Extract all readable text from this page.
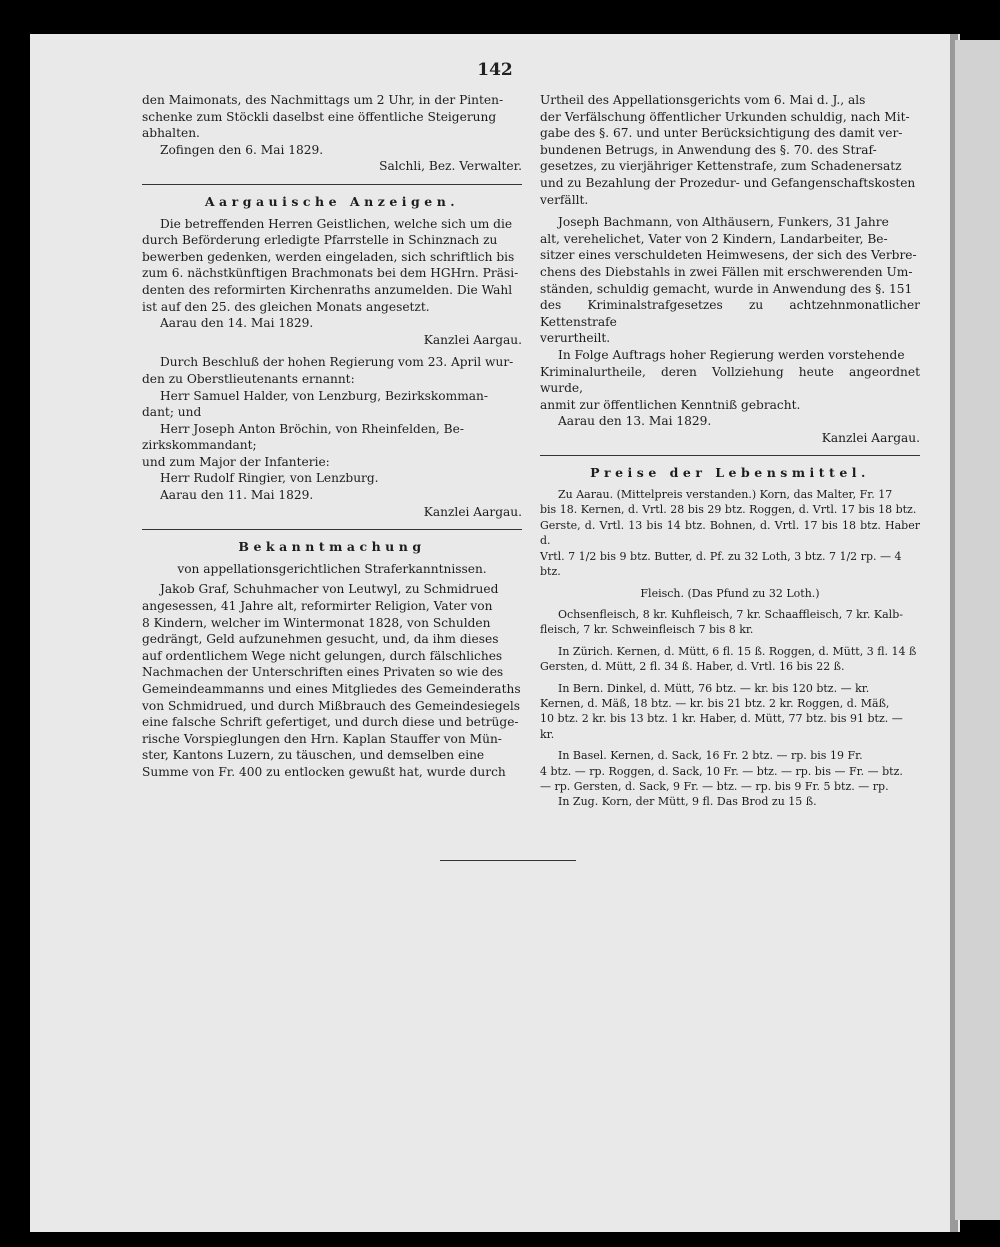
142

den Maimonats, des Nachmittags um 2 Uhr, in der Pinten-

schenke zum Stöckli daselbst eine öffentliche Steigerung abhalten.

Zofingen den 6. Mai 1829.

Salchli, Bez. Verwalter.

Aargauische Anzeigen.

Die betreffenden Herren Geistlichen, welche sich um die

durch Beförderung erledigte Pfarrstelle in Schinznach zu

bewerben gedenken, werden eingeladen, sich schriftlich bis

zum 6. nächstkünftigen Brachmonats bei dem HGHrn. Präsi-

denten des reformirten Kirchenraths anzumelden. Die Wahl

ist auf den 25. des gleichen Monats angesetzt.

Aarau den 14. Mai 1829.

Kanzlei Aargau.

Durch Beschluß der hohen Regierung vom 23. April wur-

den zu Oberstlieutenants ernannt:

Herr Samuel Halder, von Lenzburg, Bezirkskomman-

dant; und

Herr Joseph Anton Bröchin, von Rheinfelden, Be-

zirkskommandant;

und zum Major der Infanterie:

Herr Rudolf Ringier, von Lenzburg.

Aarau den 11. Mai 1829.

Kanzlei Aargau.

Bekanntmachung

von appellationsgerichtlichen Straferkanntnissen.

Jakob Graf, Schuhmacher von Leutwyl, zu Schmidrued

angesessen, 41 Jahre alt, reformirter Religion, Vater von

8 Kindern, welcher im Wintermonat 1828, von Schulden

gedrängt, Geld aufzunehmen gesucht, und, da ihm dieses

auf ordentlichem Wege nicht gelungen, durch fälschliches

Nachmachen der Unterschriften eines Privaten so wie des

Gemeindeammanns und eines Mitgliedes des Gemeinderaths

von Schmidrued, und durch Mißbrauch des Gemeindesiegels

eine falsche Schrift gefertiget, und durch diese und betrüge-

rische Vorspieglungen den Hrn. Kaplan Stauffer von Mün-

ster, Kantons Luzern, zu täuschen, und demselben eine

Summe von Fr. 400 zu entlocken gewußt hat, wurde durch

Urtheil des Appellationsgerichts vom 6. Mai d. J., als

der Verfälschung öffentlicher Urkunden schuldig, nach Mit-

gabe des §. 67. und unter Berücksichtigung des damit ver-

bundenen Betrugs, in Anwendung des §. 70. des Straf-

gesetzes, zu vierjähriger Kettenstrafe, zum Schadenersatz

und zu Bezahlung der Prozedur- und Gefangenschaftskosten

verfällt.

Joseph Bachmann, von Althäusern, Funkers, 31 Jahre

alt, verehelichet, Vater von 2 Kindern, Landarbeiter, Be-

sitzer eines verschuldeten Heimwesens, der sich des Verbre-

chens des Diebstahls in zwei Fällen mit erschwerenden Um-

ständen, schuldig gemacht, wurde in Anwendung des §. 151

des Kriminalstrafgesetzes zu achtzehnmonatlicher Kettenstrafe

verurtheilt.

In Folge Auftrags hoher Regierung werden vorstehende

Kriminalurtheile, deren Vollziehung heute angeordnet wurde,

anmit zur öffentlichen Kenntniß gebracht.

Aarau den 13. Mai 1829.

Kanzlei Aargau.

Preise der Lebensmittel.

Zu Aarau. (Mittelpreis verstanden.) Korn, das Malter, Fr. 17

bis 18. Kernen, d. Vrtl. 28 bis 29 btz. Roggen, d. Vrtl. 17 bis 18 btz.

Gerste, d. Vrtl. 13 bis 14 btz. Bohnen, d. Vrtl. 17 bis 18 btz. Haber d.

Vrtl. 7 1/2 bis 9 btz. Butter, d. Pf. zu 32 Loth, 3 btz. 7 1/2 rp. — 4 btz.

Fleisch. (Das Pfund zu 32 Loth.)

Ochsenfleisch, 8 kr. Kuhfleisch, 7 kr. Schaaffleisch, 7 kr. Kalb-

fleisch, 7 kr. Schweinfleisch 7 bis 8 kr.

In Zürich. Kernen, d. Mütt, 6 fl. 15 ß. Roggen, d. Mütt, 3 fl. 14 ß

Gersten, d. Mütt, 2 fl. 34 ß. Haber, d. Vrtl. 16 bis 22 ß.

In Bern. Dinkel, d. Mütt, 76 btz. — kr. bis 120 btz. — kr.

Kernen, d. Mäß, 18 btz. — kr. bis 21 btz. 2 kr. Roggen, d. Mäß,

10 btz. 2 kr. bis 13 btz. 1 kr. Haber, d. Mütt, 77 btz. bis 91 btz. — kr.

In Basel. Kernen, d. Sack, 16 Fr. 2 btz. — rp. bis 19 Fr.

4 btz. — rp. Roggen, d. Sack, 10 Fr. — btz. — rp. bis — Fr. — btz.

— rp. Gersten, d. Sack, 9 Fr. — btz. — rp. bis 9 Fr. 5 btz. — rp.

In Zug. Korn, der Mütt, 9 fl. Das Brod zu 15 ß.
